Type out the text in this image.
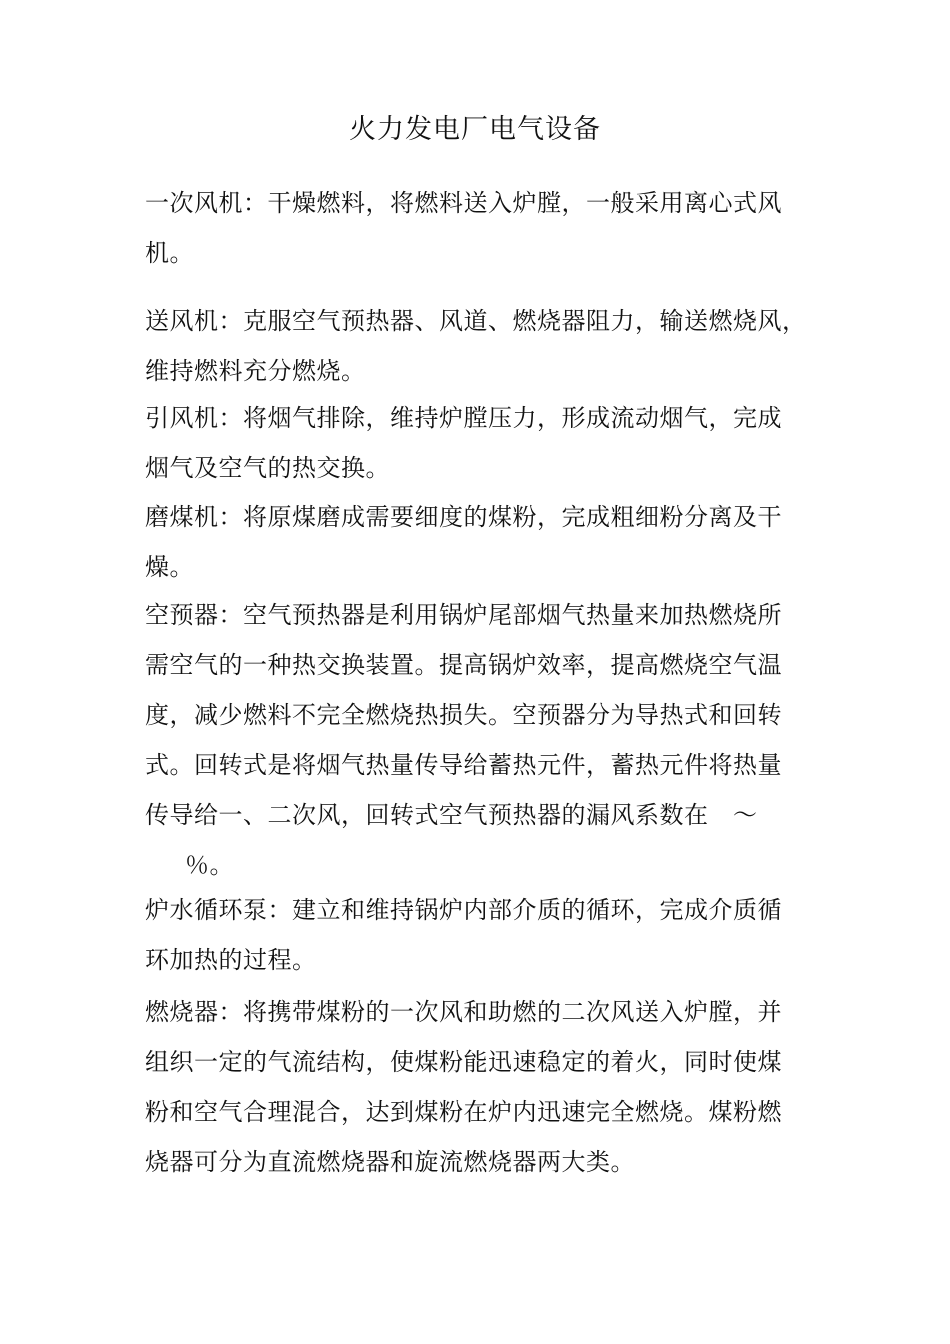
火力发电厂电气设备
一次风机：干燥燃料，将燃料送入炉膛，一般采用离心式风
机。
送风机：克服空气预热器、风道、燃烧器阻力，输送燃烧风，
维持燃料充分燃烧。
引风机：将烟气排除，维持炉膛压力，形成流动烟气，完成
烟气及空气的热交换。
磨煤机：将原煤磨成需要细度的煤粉，完成粗细粉分离及干
燥。
空预器：空气预热器是利用锅炉尾部烟气热量来加热燃烧所
需空气的一种热交换装置。提高锅炉效率，提高燃烧空气温
度，减少燃料不完全燃烧热损失。空预器分为导热式和回转
式。回转式是将烟气热量传导给蓄热元件，蓄热元件将热量
传导给一、二次风，回转式空气预热器的漏风系数在　～
％。
炉水循环泵：建立和维持锅炉内部介质的循环，完成介质循
环加热的过程。
燃烧器：将携带煤粉的一次风和助燃的二次风送入炉膛，并
组织一定的气流结构，使煤粉能迅速稳定的着火，同时使煤
粉和空气合理混合，达到煤粉在炉内迅速完全燃烧。煤粉燃
烧器可分为直流燃烧器和旋流燃烧器两大类。
